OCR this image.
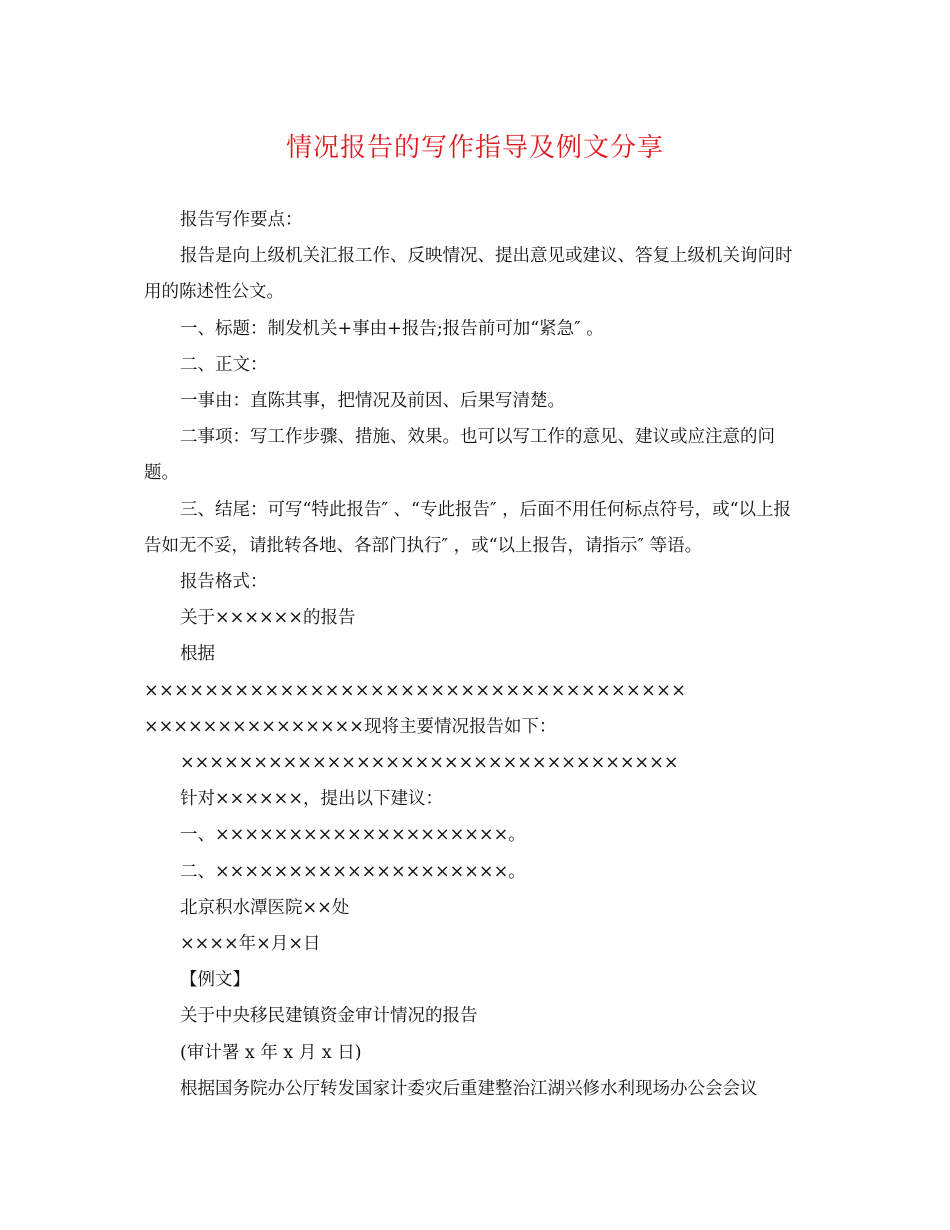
情况报告的写作指导及例文分享

报告写作要点：

报告是向上级机关汇报工作、反映情况、提出意见或建议、答复上级机关询问时用的陈述性公文。

一、标题：制发机关+事由+报告;报告前可加“紧急″ 。

二、正文：

一事由：直陈其事，把情况及前因、后果写清楚。

二事项：写工作步骤、措施、效果。也可以写工作的意见、建议或应注意的问题。

三、结尾：可写“特此报告″ 、“专此报告″ ，后面不用任何标点符号，或“以上报告如无不妥，请批转各地、各部门执行″ ，或“以上报告，请指示″ 等语。

报告格式：

关于××××××的报告

根据

××××××××××××××××××××××××××××××××××××

×××××××××××××××现将主要情况报告如下：

××××××××××××××××××××××××××××××××××

针对××××××，提出以下建议：

一、××××××××××××××××××××。

二、××××××××××××××××××××。

北京积水潭医院××处

××××年×月×日

【例文】

关于中央移民建镇资金审计情况的报告

(审计署 x 年 x 月 x 日)

根据国务院办公厅转发国家计委灾后重建整治江湖兴修水利现场办公会会议
